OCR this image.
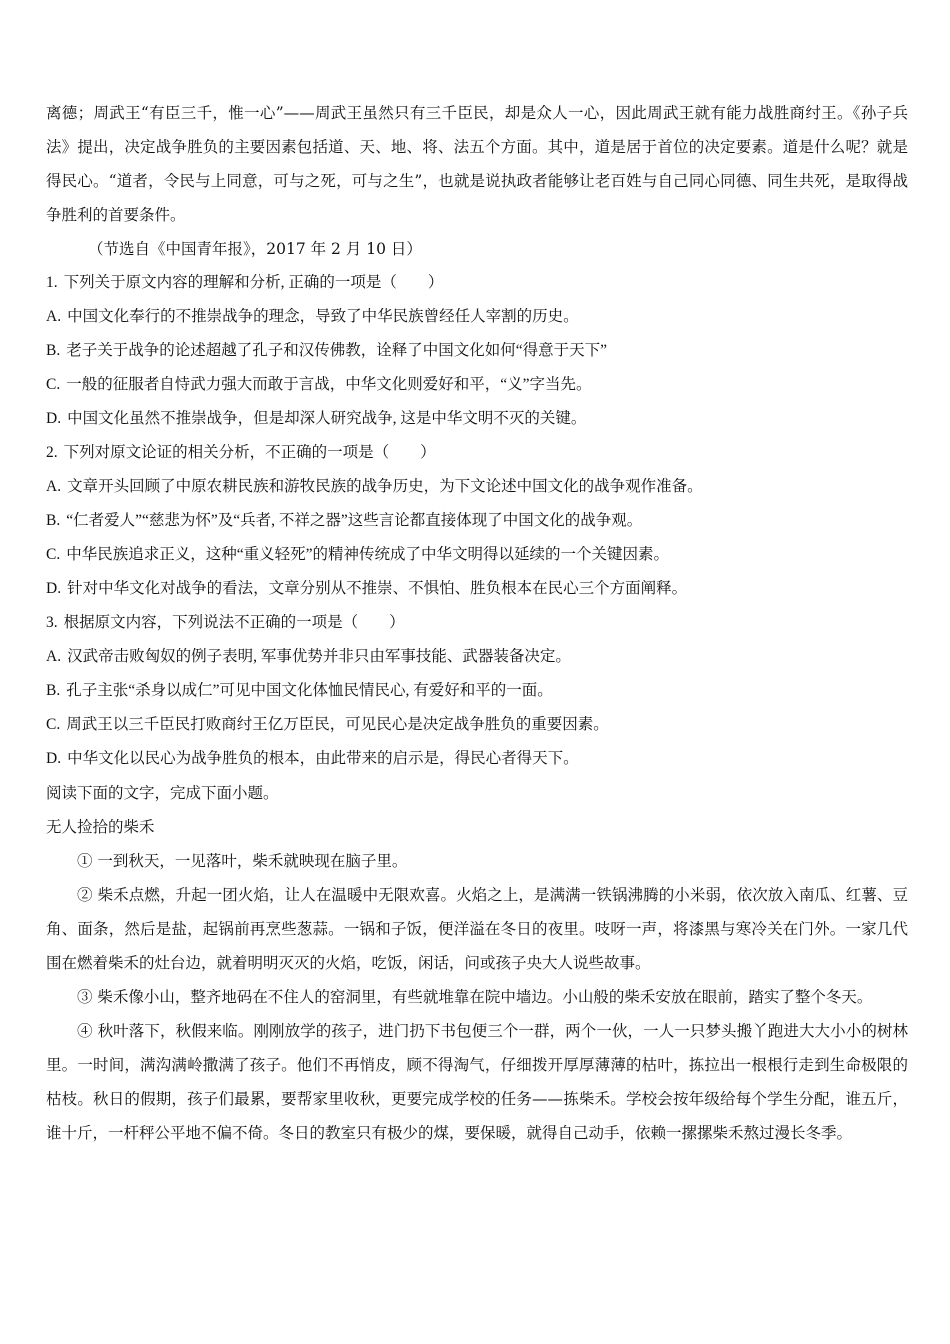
离德；周武王“有臣三千，惟一心”——周武王虽然只有三千臣民，却是众人一心，因此周武王就有能力战胜商纣王。《孙子兵法》提出，决定战争胜负的主要因素包括道、天、地、将、法五个方面。其中，道是居于首位的决定要素。道是什么呢？就是得民心。“道者，令民与上同意，可与之死，可与之生”，也就是说执政者能够让老百姓与自己同心同德、同生共死，是取得战争胜利的首要条件。

（节选自《中国青年报》，2017 年 2 月 10 日）
1. 下列关于原文内容的理解和分析, 正确的一项是（　　）
A. 中国文化奉行的不推崇战争的理念，导致了中华民族曾经任人宰割的历史。
B. 老子关于战争的论述超越了孔子和汉传佛教，诠释了中国文化如何“得意于天下”
C. 一般的征服者自恃武力强大而敢于言战，中华文化则爱好和平，“义”字当先。
D. 中国文化虽然不推崇战争，但是却深人研究战争, 这是中华文明不灭的关键。
2. 下列对原文论证的相关分析，不正确的一项是（　　）
A. 文章开头回顾了中原农耕民族和游牧民族的战争历史，为下文论述中国文化的战争观作准备。
B. “仁者爱人”“慈悲为怀”及“兵者, 不祥之器”这些言论都直接体现了中国文化的战争观。
C. 中华民族追求正义，这种“重义轻死”的精神传统成了中华文明得以延续的一个关键因素。
D. 针对中华文化对战争的看法，文章分别从不推崇、不惧怕、胜负根本在民心三个方面阐释。
3. 根据原文内容，下列说法不正确的一项是（　　）
A. 汉武帝击败匈奴的例子表明, 军事优势并非只由军事技能、武器装备决定。
B. 孔子主张“杀身以成仁”可见中国文化体恤民情民心, 有爱好和平的一面。
C. 周武王以三千臣民打败商纣王亿万臣民，可见民心是决定战争胜负的重要因素。
D. 中华文化以民心为战争胜负的根本，由此带来的启示是，得民心者得天下。
阅读下面的文字，完成下面小题。
无人捡拾的柴禾

① 一到秋天，一见落叶，柴禾就映现在脑子里。

② 柴禾点燃，升起一团火焰，让人在温暖中无限欢喜。火焰之上，是满满一铁锅沸腾的小米弱，依次放入南瓜、红薯、豆角、面条，然后是盐，起锅前再烹些葱蒜。一锅和子饭，便洋溢在冬日的夜里。吱呀一声，将漆黑与寒冷关在门外。一家几代围在燃着柴禾的灶台边，就着明明灭灭的火焰，吃饭，闲话，问或孩子央大人说些故事。

③ 柴禾像小山，整齐地码在不住人的窑洞里，有些就堆靠在院中墙边。小山般的柴禾安放在眼前，踏实了整个冬天。

④ 秋叶落下，秋假来临。刚刚放学的孩子，进门扔下书包便三个一群，两个一伙，一人一只梦头搬丫跑进大大小小的树林里。一时间，满沟满岭撒满了孩子。他们不再悄皮，顾不得淘气，仔细拨开厚厚薄薄的枯叶，拣拉出一根根行走到生命极限的枯枝。秋日的假期，孩子们最累，要帮家里收秋，更要完成学校的任务——拣柴禾。学校会按年级给每个学生分配，谁五斤，谁十斤，一杆秤公平地不偏不倚。冬日的教室只有极少的煤，要保暖，就得自己动手，依赖一摞摞柴禾熬过漫长冬季。
